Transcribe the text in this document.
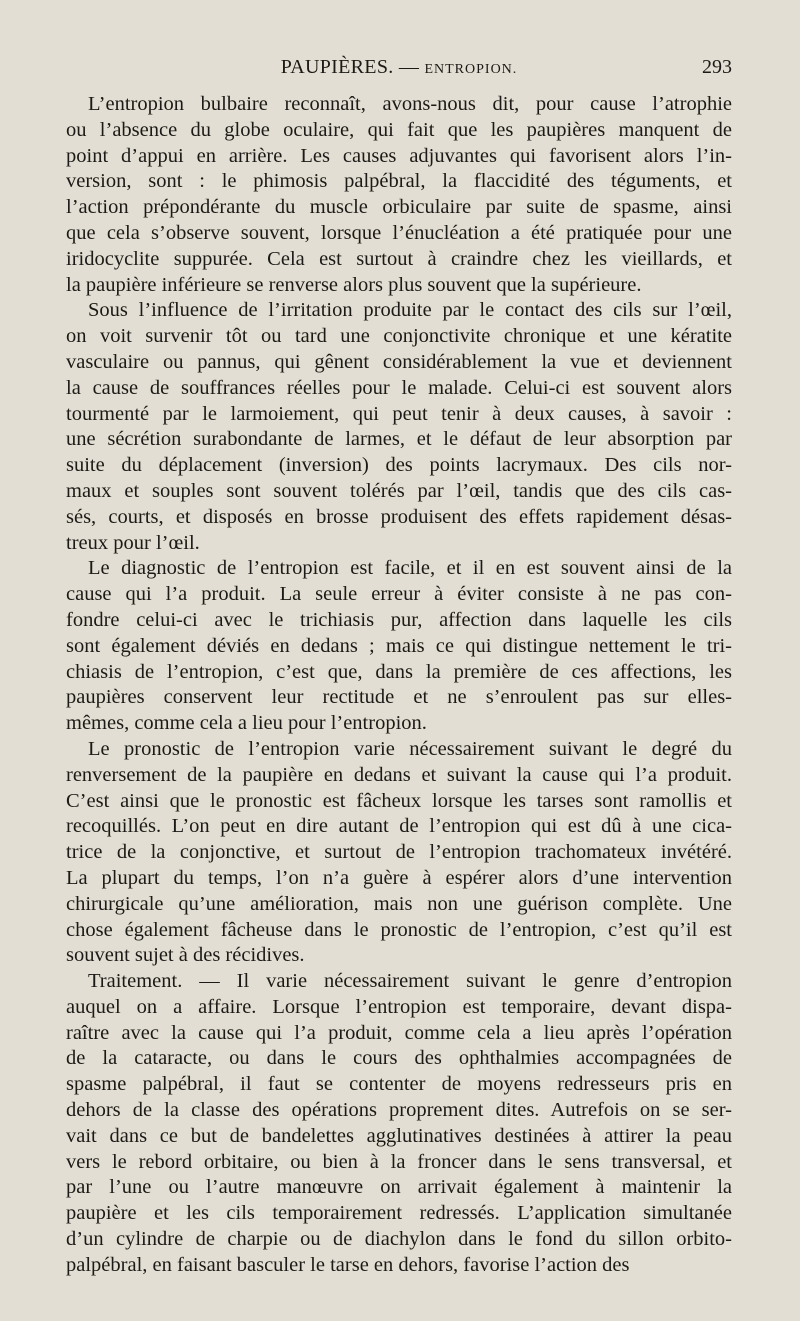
PAUPIÈRES. — ENTROPION.	293
L’entropion bulbaire reconnaît, avons-nous dit, pour cause l’atrophie
ou l’absence du globe oculaire, qui fait que les paupières manquent de
point d’appui en arrière. Les causes adjuvantes qui favorisent alors l’in-
version, sont : le phimosis palpébral, la flaccidité des téguments, et
l’action prépondérante du muscle orbiculaire par suite de spasme, ainsi
que cela s’observe souvent, lorsque l’énucléation a été pratiquée pour une
iridocyclite suppurée. Cela est surtout à craindre chez les vieillards, et
la paupière inférieure se renverse alors plus souvent que la supérieure.
Sous l’influence de l’irritation produite par le contact des cils sur l’œil,
on voit survenir tôt ou tard une conjonctivite chronique et une kératite
vasculaire ou pannus, qui gênent considérablement la vue et deviennent
la cause de souffrances réelles pour le malade. Celui-ci est souvent alors
tourmenté par le larmoiement, qui peut tenir à deux causes, à savoir :
une sécrétion surabondante de larmes, et le défaut de leur absorption par
suite du déplacement (inversion) des points lacrymaux. Des cils nor-
maux et souples sont souvent tolérés par l’œil, tandis que des cils cas-
sés, courts, et disposés en brosse produisent des effets rapidement désas-
treux pour l’œil.
Le diagnostic de l’entropion est facile, et il en est souvent ainsi de la
cause qui l’a produit. La seule erreur à éviter consiste à ne pas con-
fondre celui-ci avec le trichiasis pur, affection dans laquelle les cils
sont également déviés en dedans ; mais ce qui distingue nettement le tri-
chiasis de l’entropion, c’est que, dans la première de ces affections, les
paupières conservent leur rectitude et ne s’enroulent pas sur elles-
mêmes, comme cela a lieu pour l’entropion.
Le pronostic de l’entropion varie nécessairement suivant le degré du
renversement de la paupière en dedans et suivant la cause qui l’a produit.
C’est ainsi que le pronostic est fâcheux lorsque les tarses sont ramollis et
recoquillés. L’on peut en dire autant de l’entropion qui est dû à une cica-
trice de la conjonctive, et surtout de l’entropion trachomateux invétéré.
La plupart du temps, l’on n’a guère à espérer alors d’une intervention
chirurgicale qu’une amélioration, mais non une guérison complète. Une
chose également fâcheuse dans le pronostic de l’entropion, c’est qu’il est
souvent sujet à des récidives.
Traitement. — Il varie nécessairement suivant le genre d’entropion
auquel on a affaire. Lorsque l’entropion est temporaire, devant dispa-
raître avec la cause qui l’a produit, comme cela a lieu après l’opération
de la cataracte, ou dans le cours des ophthalmies accompagnées de
spasme palpébral, il faut se contenter de moyens redresseurs pris en
dehors de la classe des opérations proprement dites. Autrefois on se ser-
vait dans ce but de bandelettes agglutinatives destinées à attirer la peau
vers le rebord orbitaire, ou bien à la froncer dans le sens transversal, et
par l’une ou l’autre manœuvre on arrivait également à maintenir la
paupière et les cils temporairement redressés. L’application simultanée
d’un cylindre de charpie ou de diachylon dans le fond du sillon orbito-
palpébral, en faisant basculer le tarse en dehors, favorise l’action des
